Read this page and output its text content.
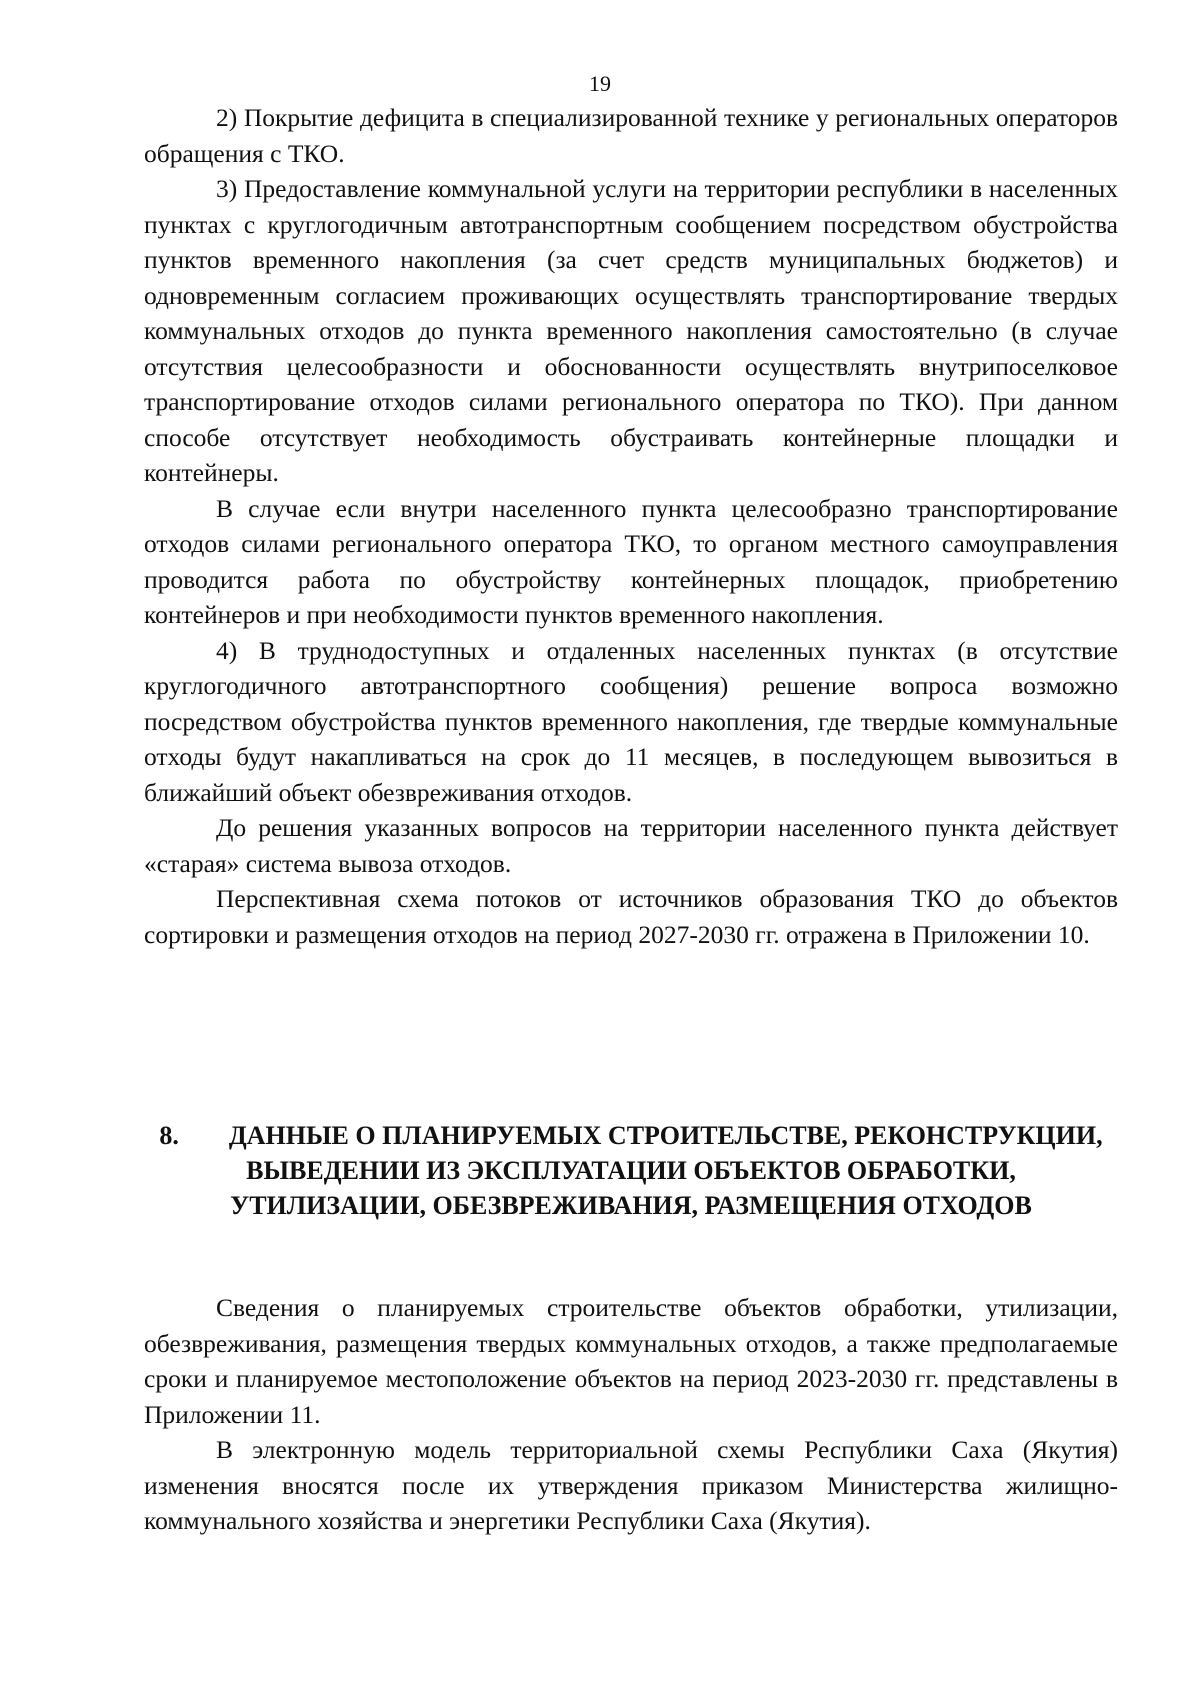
19

2) Покрытие дефицита в специализированной технике у региональных операторов обращения с ТКО.

3) Предоставление коммунальной услуги на территории республики в населенных пунктах с круглогодичным автотранспортным сообщением посредством обустройства пунктов временного накопления (за счет средств муниципальных бюджетов) и одновременным согласием проживающих осуществлять транспортирование твердых коммунальных отходов до пункта временного накопления самостоятельно (в случае отсутствия целесообразности и обоснованности осуществлять внутрипоселковое транспортирование отходов силами регионального оператора по ТКО). При данном способе отсутствует необходимость обустраивать контейнерные площадки и контейнеры.

В случае если внутри населенного пункта целесообразно транспортирование отходов силами регионального оператора ТКО, то органом местного самоуправления проводится работа по обустройству контейнерных площадок, приобретению контейнеров и при необходимости пунктов временного накопления.

4) В труднодоступных и отдаленных населенных пунктах (в отсутствие круглогодичного автотранспортного сообщения) решение вопроса возможно посредством обустройства пунктов временного накопления, где твердые коммунальные отходы будут накапливаться на срок до 11 месяцев, в последующем вывозиться в ближайший объект обезвреживания отходов.

До решения указанных вопросов на территории населенного пункта действует «старая» система вывоза отходов.

Перспективная схема потоков от источников образования ТКО до объектов сортировки и размещения отходов на период 2027-2030 гг. отражена в Приложении 10.

8. ДАННЫЕ О ПЛАНИРУЕМЫХ СТРОИТЕЛЬСТВЕ, РЕКОНСТРУКЦИИ, ВЫВЕДЕНИИ ИЗ ЭКСПЛУАТАЦИИ ОБЪЕКТОВ ОБРАБОТКИ, УТИЛИЗАЦИИ, ОБЕЗВРЕЖИВАНИЯ, РАЗМЕЩЕНИЯ ОТХОДОВ

Сведения о планируемых строительстве объектов обработки, утилизации, обезвреживания, размещения твердых коммунальных отходов, а также предполагаемые сроки и планируемое местоположение объектов на период 2023-2030 гг. представлены в Приложении 11.

В электронную модель территориальной схемы Республики Саха (Якутия) изменения вносятся после их утверждения приказом Министерства жилищно-коммунального хозяйства и энергетики Республики Саха (Якутия).
